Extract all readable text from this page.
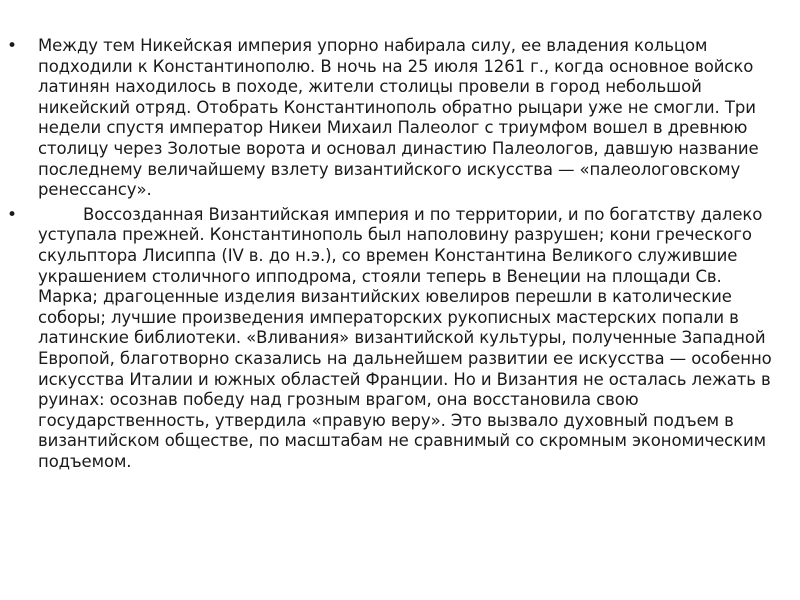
•	Между тем Никейская империя упорно набирала силу, ее владения кольцом подходили к Константинополю. В ночь на 25 июля 1261 г., когда основное войско латинян находилось в походе, жители столицы провели в город небольшой никейский отряд. Отобрать Константинополь обратно рыцари уже не смогли. Три недели спустя император Никеи Михаил Палеолог с триумфом вошел в древнюю столицу через Золотые ворота и основал династию Палеологов, давшую название последнему величайшему взлету византийского искусства — «палеологовскому ренессансу».

•	Воссозданная Византийская империя и по территории, и по богатству далеко уступала прежней. Константинополь был наполовину разрушен; кони греческого скульптора Лисиппа (IV в. до н.э.), со времен Константина Великого служившие украшением столичного ипподрома, стояли теперь в Венеции на площади Св. Марка; драгоценные изделия византийских ювелиров перешли в католические соборы; лучшие произведения императорских рукописных мастерских попали в латинские библиотеки. «Вливания» византийской культуры, полученные Западной Европой, благотворно сказались на дальнейшем развитии ее искусства — особенно искусства Италии и южных областей Франции. Но и Византия не осталась лежать в руинах: осознав победу над грозным врагом, она восстановила свою государственность, утвердила «правую веру». Это вызвало духовный подъем в византийском обществе, по масштабам не сравнимый со скромным экономическим подъемом.
